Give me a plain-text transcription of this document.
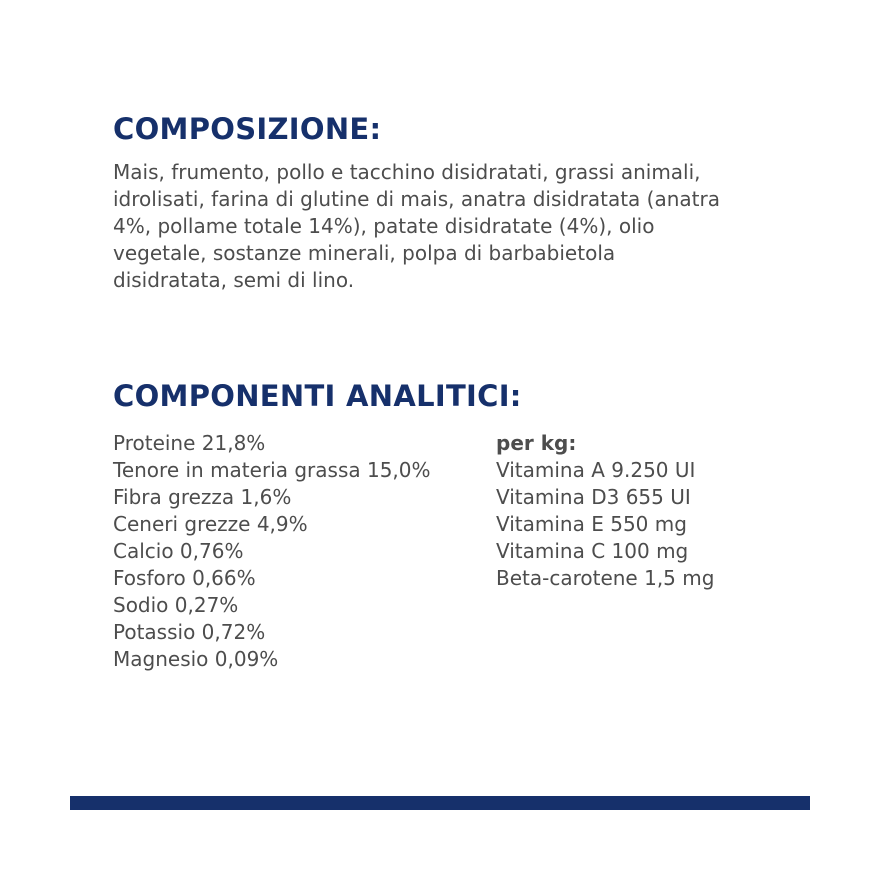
COMPOSIZIONE:

Mais, frumento, pollo e tacchino disidratati, grassi animali, idrolisati, farina di glutine di mais, anatra disidratata (anatra 4%, pollame totale 14%), patate disidratate (4%), olio vegetale, sostanze minerali, polpa di barbabietola disidratata, semi di lino.

COMPONENTI ANALITICI:
Proteine 21,8%
Tenore in materia grassa 15,0%
Fibra grezza 1,6%
Ceneri grezze 4,9%
Calcio 0,76%
Fosforo 0,66%
Sodio 0,27%
Potassio 0,72%
Magnesio 0,09%
per kg:
Vitamina A 9.250 UI
Vitamina D3 655 UI
Vitamina E 550 mg
Vitamina C 100 mg
Beta-carotene 1,5 mg
